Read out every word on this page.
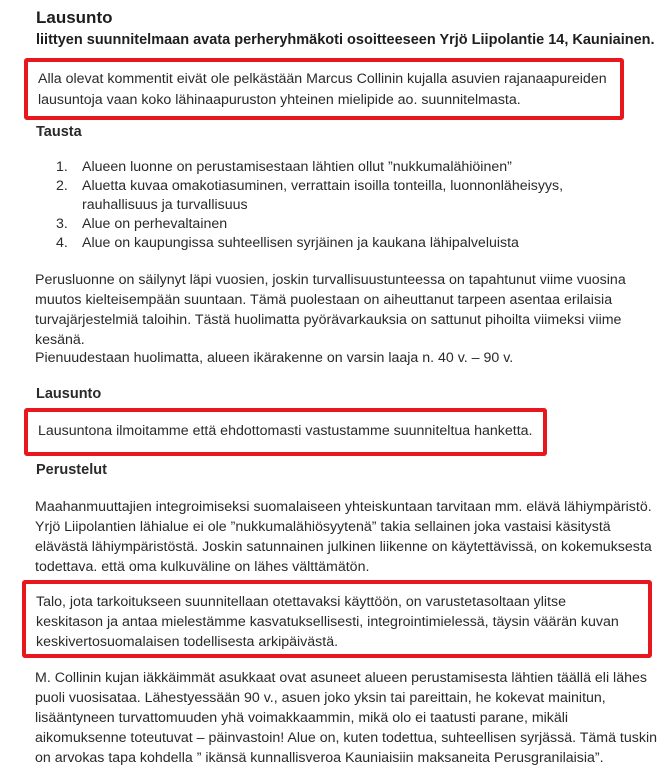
Lausunto
liittyen suunnitelmaan avata perheryhmäkoti osoitteeseen Yrjö Liipolantie 14, Kauniainen.
Alla olevat kommentit eivät ole pelkästään Marcus Collinin kujalla asuvien rajanaapureiden lausuntoja vaan koko lähinaapuruston yhteinen mielipide ao. suunnitelmasta.
Tausta
1. Alueen luonne on perustamisestaan lähtien ollut ”nukkumalähiöinen”
2. Aluetta kuvaa omakotiasuminen, verrattain isoilla tonteilla, luonnonläheisyys, rauhallisuus ja turvallisuus
3. Alue on perhevaltainen
4. Alue on kaupungissa suhteellisen syrjäinen ja kaukana lähipalveluista

Perusluonne on säilynyt läpi vuosien, joskin turvallisuustunteessa on tapahtunut viime vuosina muutos kielteisempään suuntaan. Tämä puolestaan on aiheuttanut tarpeen asentaa erilaisia turvajärjestelmiä taloihin. Tästä huolimatta pyörävarkauksia on sattunut pihoilta viimeksi viime kesänä.

Pienuudestaan huolimatta, alueen ikärakenne on varsin laaja n. 40 v. – 90 v.

Lausunto
Lausuntona ilmoitamme että ehdottomasti vastustamme suunniteltua hanketta.
Perustelut

Maahanmuuttajien integroimiseksi suomalaiseen yhteiskuntaan tarvitaan mm. elävä lähiympäristö. Yrjö Liipolantien lähialue ei ole ”nukkumalähiösyytenä” takia sellainen joka vastaisi käsitystä elävästä lähiympäristöstä. Joskin satunnainen julkinen liikenne on käytettävissä, on kokemuksesta todettava. että oma kulkuväline on lähes välttämätön.

Talo, jota tarkoitukseen suunnitellaan otettavaksi käyttöön, on varustetasoltaan ylitse keskitason ja antaa mielestämme kasvatuksellisesti, integrointimielessä, täysin väärän kuvan keskivertosuomalaisen todellisesta arkipäivästä.

M. Collinin kujan iäkkäimmät asukkaat ovat asuneet alueen perustamisesta lähtien täällä eli lähes puoli vuosisataa. Lähestyessään 90 v., asuen joko yksin tai pareittain, he kokevat mainitun, lisääntyneen turvattomuuden yhä voimakkaammin, mikä olo ei taatusti parane, mikäli aikomuksenne toteutuvat – päinvastoin! Alue on, kuten todettua, suhteellisen syrjässä. Tämä tuskin on arvokas tapa kohdella ” ikänsä kunnallisveroa Kauniaisiin maksaneita Perusgranilaisia”.
